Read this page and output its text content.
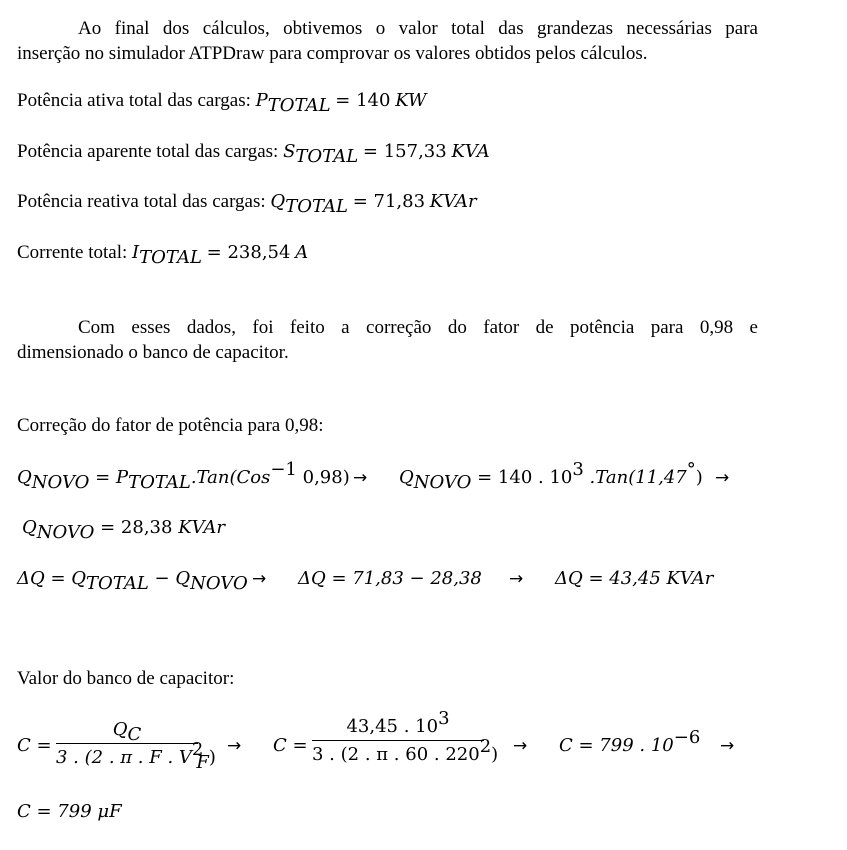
Ao final dos cálculos, obtivemos o valor total das grandezas necessárias para
inserção no simulador ATPDraw para comprovar os valores obtidos pelos cálculos.
Potência ativa total das cargas: $P_{TOTAL} = 140$ KW
Potência aparente total das cargas: $S_{TOTAL} = 157,33$ KVA
Potência reativa total das cargas: $Q_{TOTAL} = 71,83$ KVAr
Corrente total: $I_{TOTAL} = 238,54$ A
Com esses dados, foi feito a correção do fator de potência para 0,98 e
dimensionado o banco de capacitor.
Correção do fator de potência para 0,98:
$Q_{NOVO} = P_{TOTAL}.Tan(Cos^{-1}$ $0,98) \to Q_{NOVO} = 140$ . $10^3$ .Tan(11,47°) →
$Q_{NOVO} = 28,38$ KVAr
$\Delta Q = Q_{TOTAL} - Q_{NOVO} \to \Delta Q = 71,83 - 28,38 \to \Delta Q = 43,45$ KVAr
Valor do banco de capacitor:
C =
$Q_C$
3 . (2 . π . F . $V^2_F$)
→ C =
43,45 . $10^3$
3 . (2 . π . 60 . $220^2) \to C = 799$ . $10^{-6}$ →
C = 799 μF
